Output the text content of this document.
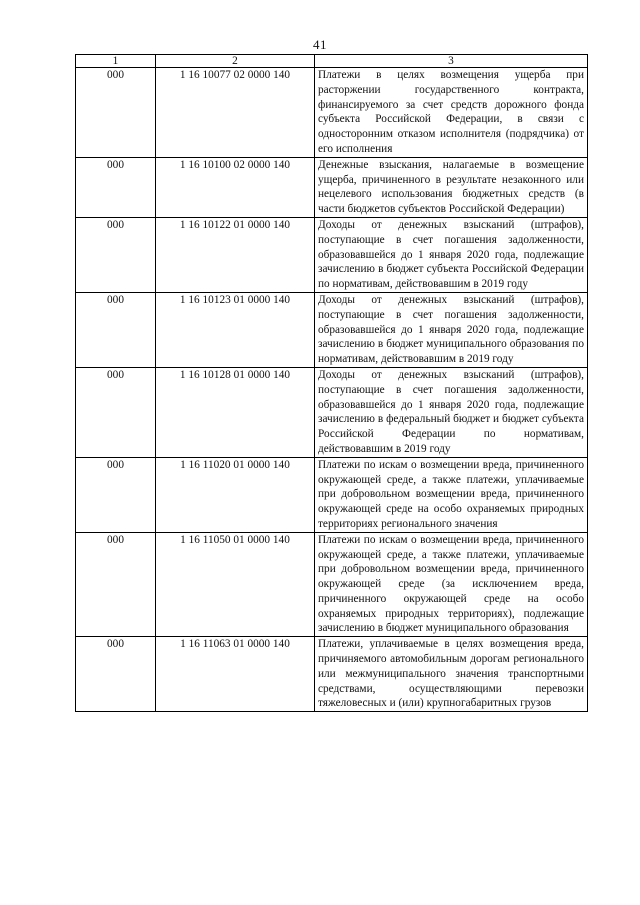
41
1	2	3
000	1 16 10077 02 0000 140	Платежи в целях возмещения ущерба при расторжении государственного контракта, финансируемого за счет средств дорожного фонда субъекта Российской Федерации, в связи с односторонним отказом исполнителя (подрядчика) от его исполнения
000	1 16 10100 02 0000 140	Денежные взыскания, налагаемые в возмещение ущерба, причиненного в результате незаконного или нецелевого использования бюджетных средств (в части бюджетов субъектов Российской Федерации)
000	1 16 10122 01 0000 140	Доходы от денежных взысканий (штрафов), поступающие в счет погашения задолженности, образовавшейся до 1 января 2020 года, подлежащие зачислению в бюджет субъекта Российской Федерации по нормативам, действовавшим в 2019 году
000	1 16 10123 01 0000 140	Доходы от денежных взысканий (штрафов), поступающие в счет погашения задолженности, образовавшейся до 1 января 2020 года, подлежащие зачислению в бюджет муниципального образования по нормативам, действовавшим в 2019 году
000	1 16 10128 01 0000 140	Доходы от денежных взысканий (штрафов), поступающие в счет погашения задолженности, образовавшейся до 1 января 2020 года, подлежащие зачислению в федеральный бюджет и бюджет субъекта Российской Федерации по нормативам, действовавшим в 2019 году
000	1 16 11020 01 0000 140	Платежи по искам о возмещении вреда, причиненного окружающей среде, а также платежи, уплачиваемые при добровольном возмещении вреда, причиненного окружающей среде на особо охраняемых природных территориях регионального значения
000	1 16 11050 01 0000 140	Платежи по искам о возмещении вреда, причиненного окружающей среде, а также платежи, уплачиваемые при добровольном возмещении вреда, причиненного окружающей среде (за исключением вреда, причиненного окружающей среде на особо охраняемых природных территориях), подлежащие зачислению в бюджет муниципального образования
000	1 16 11063 01 0000 140	Платежи, уплачиваемые в целях возмещения вреда, причиняемого автомобильным дорогам регионального или межмуниципального значения транспортными средствами, осуществляющими перевозки тяжеловесных и (или) крупногабаритных грузов
